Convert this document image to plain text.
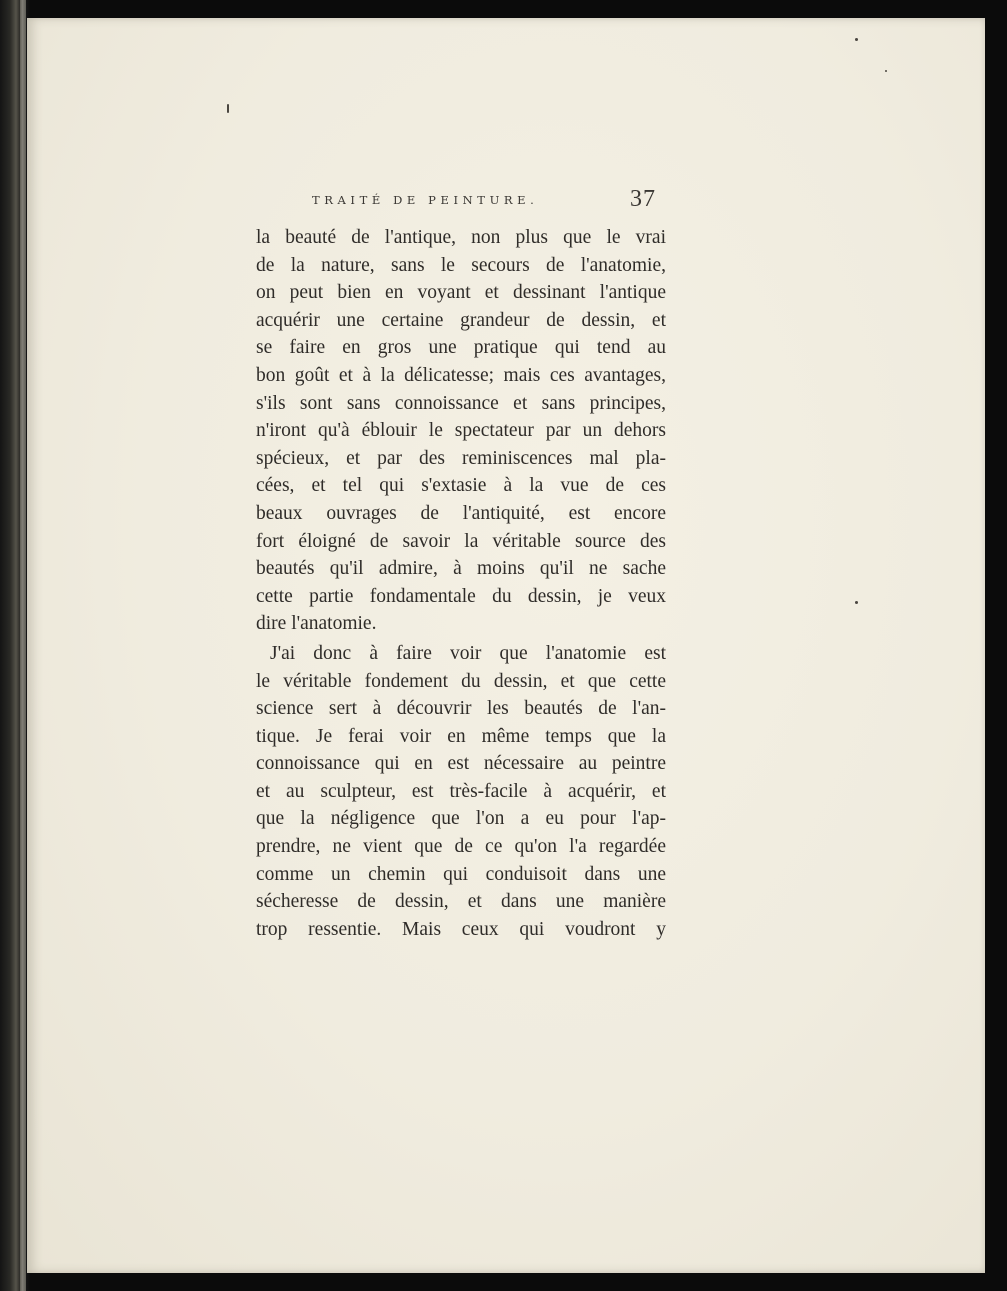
TRAITÉ DE PEINTURE.	37
la beauté de l'antique, non plus que le vrai
de la nature, sans le secours de l'anatomie,
on peut bien en voyant et dessinant l'antique
acquérir une certaine grandeur de dessin, et
se faire en gros une pratique qui tend au
bon goût et à la délicatesse; mais ces avantages,
s'ils sont sans connoissance et sans principes,
n'iront qu'à éblouir le spectateur par un dehors
spécieux, et par des reminiscences mal pla-
cées, et tel qui s'extasie à la vue de ces
beaux ouvrages de l'antiquité, est encore
fort éloigné de savoir la véritable source des
beautés qu'il admire, à moins qu'il ne sache
cette partie fondamentale du dessin, je veux
dire l'anatomie.
J'ai donc à faire voir que l'anatomie est
le véritable fondement du dessin, et que cette
science sert à découvrir les beautés de l'an-
tique. Je ferai voir en même temps que la
connoissance qui en est nécessaire au peintre
et au sculpteur, est très-facile à acquérir, et
que la négligence que l'on a eu pour l'ap-
prendre, ne vient que de ce qu'on l'a regardée
comme un chemin qui conduisoit dans une
sécheresse de dessin, et dans une manière
trop ressentie. Mais ceux qui voudront y
